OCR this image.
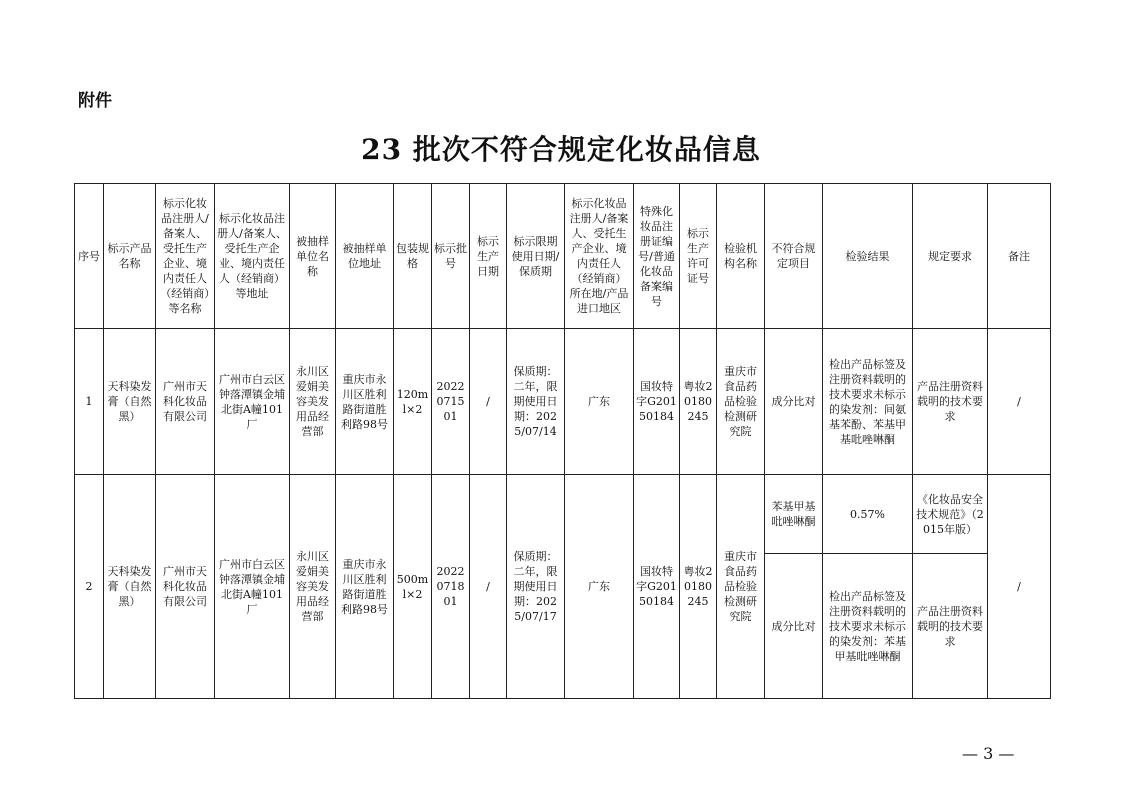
附件
23 批次不符合规定化妆品信息
序号	标示产品名称	标示化妆品注册人/备案人、受托生产企业、境内责任人（经销商）等名称	标示化妆品注册人/备案人、受托生产企业、境内责任人（经销商）等地址	被抽样单位名称	被抽样单位地址	包装规格	标示批号	标示生产日期	标示限期使用日期/保质期	标示化妆品注册人/备案人、受托生产企业、境内责任人（经销商）所在地/产品进口地区	特殊化妆品注册证编号/普通化妆品备案编号	标示生产许可证号	检验机构名称	不符合规定项目	检验结果	规定要求	备注
1	天科染发膏（自然黑）	广州市天科化妆品有限公司	广州市白云区钟落潭镇金埔北街A幢101厂	永川区爱娟美容美发用品经营部	重庆市永川区胜利路街道胜利路98号	120ml×2	2022071501	/	保质期：二年，限期使用日期：2025/07/14	广东	国妆特字G20150184	粤妆20180245	重庆市食品药品检验检测研究院	成分比对	检出产品标签及注册资料载明的技术要求未标示的染发剂：间氨基苯酚、苯基甲基吡唑啉酮	产品注册资料载明的技术要求	/
2	天科染发膏（自然黑）	广州市天科化妆品有限公司	广州市白云区钟落潭镇金埔北街A幢101厂	永川区爱娟美容美发用品经营部	重庆市永川区胜利路街道胜利路98号	500ml×2	2022071801	/	保质期：二年，限期使用日期：2025/07/17	广东	国妆特字G20150184	粤妆20180245	重庆市食品药品检验检测研究院	苯基甲基吡唑啉酮	0.57%	《化妆品安全技术规范》（2015年版）	/
														成分比对	检出产品标签及注册资料载明的技术要求未标示的染发剂：苯基甲基吡唑啉酮	产品注册资料载明的技术要求	
— 3 —
